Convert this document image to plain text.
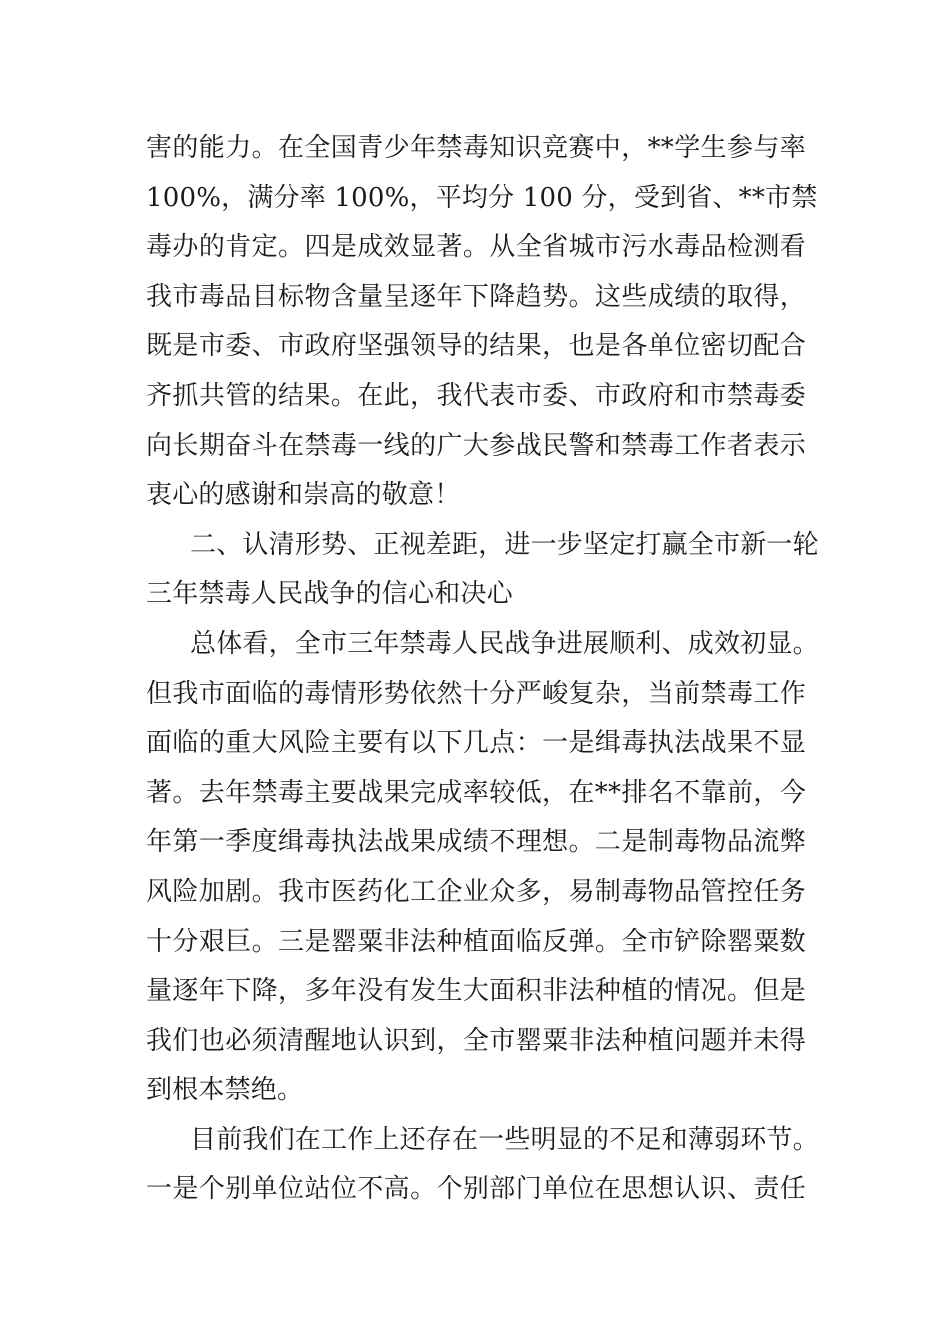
害的能力。在全国青少年禁毒知识竞赛中，**学生参与率
100%，满分率 100%，平均分 100 分，受到省、**市禁
毒办的肯定。四是成效显著。从全省城市污水毒品检测看
我市毒品目标物含量呈逐年下降趋势。这些成绩的取得，
既是市委、市政府坚强领导的结果，也是各单位密切配合
齐抓共管的结果。在此，我代表市委、市政府和市禁毒委
向长期奋斗在禁毒一线的广大参战民警和禁毒工作者表示
衷心的感谢和崇高的敬意！
二、认清形势、正视差距，进一步坚定打赢全市新一轮
三年禁毒人民战争的信心和决心
总体看，全市三年禁毒人民战争进展顺利、成效初显。
但我市面临的毒情形势依然十分严峻复杂，当前禁毒工作
面临的重大风险主要有以下几点：一是缉毒执法战果不显
著。去年禁毒主要战果完成率较低，在**排名不靠前，今
年第一季度缉毒执法战果成绩不理想。二是制毒物品流弊
风险加剧。我市医药化工企业众多，易制毒物品管控任务
十分艰巨。三是罂粟非法种植面临反弹。全市铲除罂粟数
量逐年下降，多年没有发生大面积非法种植的情况。但是
我们也必须清醒地认识到，全市罂粟非法种植问题并未得
到根本禁绝。
目前我们在工作上还存在一些明显的不足和薄弱环节。
一是个别单位站位不高。个别部门单位在思想认识、责任
